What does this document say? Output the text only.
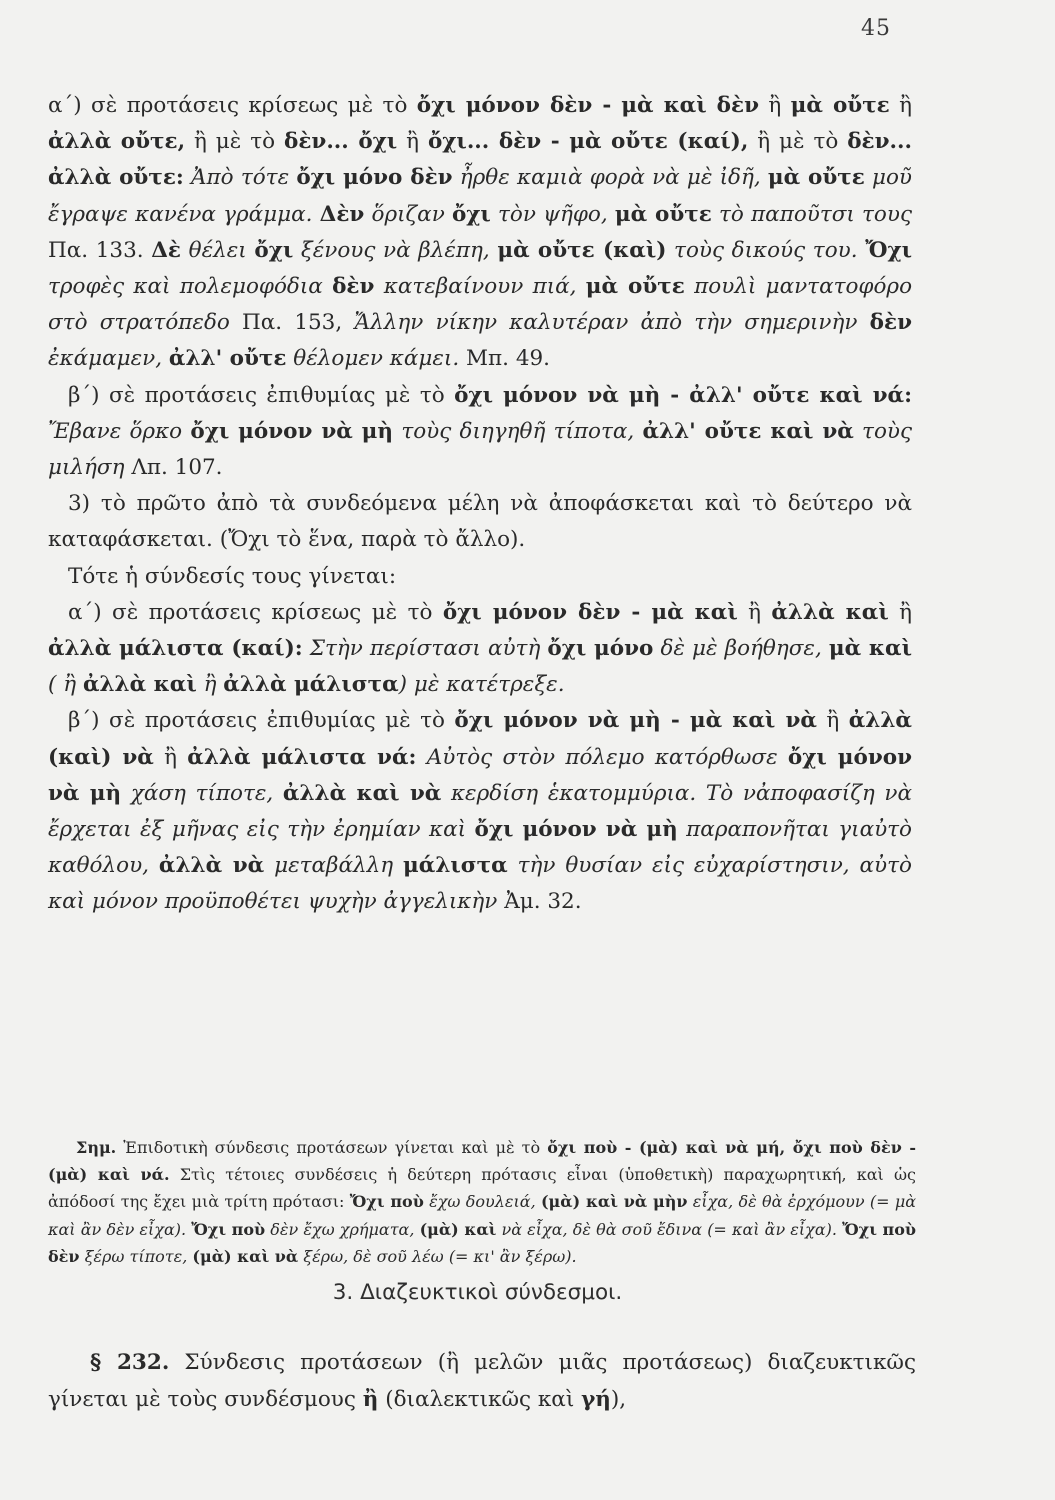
45

α΄) σὲ προτάσεις κρίσεως μὲ τὸ ὄχι μόνον δὲν - μὰ καὶ δὲν ἢ μὰ οὔτε ἢ ἀλλὰ οὔτε, ἢ μὲ τὸ δὲν... ὄχι ἢ ὄχι... δὲν - μὰ οὔτε (καί), ἢ μὲ τὸ δὲν... ἀλλὰ οὔτε: Ἀπὸ τότε ὄχι μόνο δὲν ἦρθε καμιὰ φορὰ νὰ μὲ ἰδῆ, μὰ οὔτε μοῦ ἔγραψε κανένα γράμμα. Δὲν ὅριζαν ὄχι τὸν ψῆφο, μὰ οὔτε τὸ παποῦτσι τους Πα. 133. Δὲ θέλει ὄχι ξένους νὰ βλέπη, μὰ οὔτε (καὶ) τοὺς δικούς του. Ὄχι τροφὲς καὶ πολεμοφόδια δὲν κατεβαίνουν πιά, μὰ οὔτε πουλὶ μαντατοφόρο στὸ στρατόπεδο Πα. 153, Ἄλλην νίκην καλυτέραν ἀπὸ τὴν σημερινὴν δὲν ἐκάμαμεν, ἀλλ' οὔτε θέλομεν κάμει. Μπ. 49.

β΄) σὲ προτάσεις ἐπιθυμίας μὲ τὸ ὄχι μόνον νὰ μὴ - ἀλλ' οὔτε καὶ νά: Ἔβανε ὅρκο ὄχι μόνον νὰ μὴ τοὺς διηγηθῆ τίποτα, ἀλλ' οὔτε καὶ νὰ τοὺς μιλήση Λπ. 107.

3) τὸ πρῶτο ἀπὸ τὰ συνδεόμενα μέλη νὰ ἀποφάσκεται καὶ τὸ δεύτερο νὰ καταφάσκεται. (Ὄχι τὸ ἕνα, παρὰ τὸ ἄλλο).

Τότε ἡ σύνδεσίς τους γίνεται:

α΄) σὲ προτάσεις κρίσεως μὲ τὸ ὄχι μόνον δὲν - μὰ καὶ ἢ ἀλλὰ καὶ ἢ ἀλλὰ μάλιστα (καί): Στὴν περίστασι αὐτὴ ὄχι μόνο δὲ μὲ βοήθησε, μὰ καὶ ( ἢ ἀλλὰ καὶ ἢ ἀλλὰ μάλιστα) μὲ κατέτρεξε.

β΄) σὲ προτάσεις ἐπιθυμίας μὲ τὸ ὄχι μόνον νὰ μὴ - μὰ καὶ νὰ ἢ ἀλλὰ (καὶ) νὰ ἢ ἀλλὰ μάλιστα νά: Αὐτὸς στὸν πόλεμο κατόρθωσε ὄχι μόνον νὰ μὴ χάση τίποτε, ἀλλὰ καὶ νὰ κερδίση ἑκατομμύρια. Τὸ νἀποφασίζη νὰ ἔρχεται ἐξ μῆνας εἰς τὴν ἐρημίαν καὶ ὄχι μόνον νὰ μὴ παραπονῆται γιαὐτὸ καθόλου, ἀλλὰ νὰ μεταβάλλη μάλιστα τὴν θυσίαν εἰς εὐχαρίστησιν, αὐτὸ καὶ μόνον προϋποθέτει ψυχὴν ἀγγελικὴν Ἀμ. 32.

Σημ. Ἐπιδοτικὴ σύνδεσις προτάσεων γίνεται καὶ μὲ τὸ ὄχι ποὺ - (μὰ) καὶ νὰ μή, ὄχι ποὺ δὲν - (μὰ) καὶ νά. Στὶς τέτοιες συνδέσεις ἡ δεύτερη πρότασις εἶναι (ὑποθετικὴ) παραχωρητική, καὶ ὡς ἀπόδοσί της ἔχει μιὰ τρίτη πρότασι: Ὄχι ποὺ ἔχω δουλειά, (μὰ) καὶ νὰ μὴν εἶχα, δὲ θὰ ἐρχόμουν (= μὰ καὶ ἂν δὲν εἶχα). Ὄχι ποὺ δὲν ἔχω χρήματα, (μὰ) καὶ νὰ εἶχα, δὲ θὰ σοῦ ἔδινα (= καὶ ἂν εἶχα). Ὄχι ποὺ δὲν ξέρω τίποτε, (μὰ) καὶ νὰ ξέρω, δὲ σοῦ λέω (= κι' ἂν ξέρω).

3. Διαζευκτικοὶ σύνδεσμοι.

§ 232. Σύνδεσις προτάσεων (ἢ μελῶν μιᾶς προτάσεως) διαζευκτικῶς γίνεται μὲ τοὺς συνδέσμους ἢ (διαλεκτικῶς καὶ γή),
